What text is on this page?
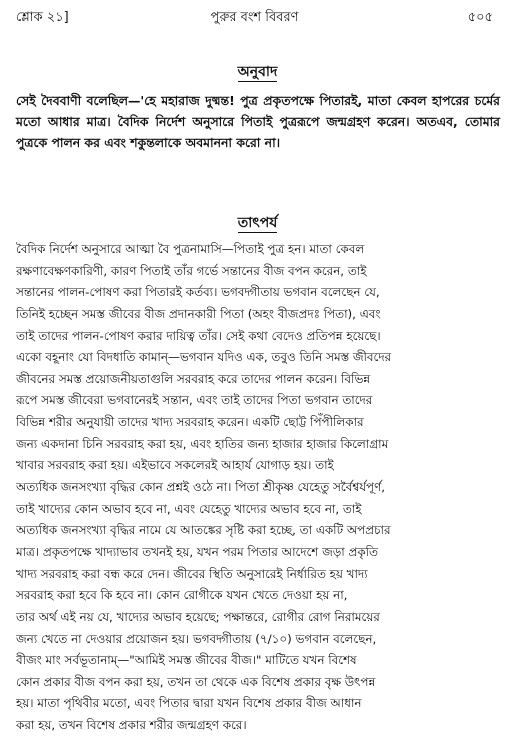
শ্লোক ২১]	পুরুর বংশ বিবরণ	৫০৫
অনুবাদ
সেই দৈববাণী বলেছিল—'হে মহারাজ দুষ্মন্ত! পুত্র প্রকৃতপক্ষে পিতারই, মাতা কেবল হাপরের চর্মের মতো আধার মাত্র। বৈদিক নির্দেশ অনুসারে পিতাই পুত্ররূপে জন্মগ্রহণ করেন। অতএব, তোমার পুত্রকে পালন কর এবং শকুন্তলাকে অবমাননা করো না।
তাৎপর্য
বৈদিক নির্দেশ অনুসারে আত্মা বৈ পুত্রনামাসি—পিতাই পুত্র হন। মাতা কেবল
রক্ষণাবেক্ষণকারিণী, কারণ পিতাই তাঁর গর্ভে সন্তানের বীজ বপন করেন, তাই
সন্তানের পালন-পোষণ করা পিতারই কর্তব্য। ভগবদ্গীতায় ভগবান বলেছেন যে,
তিনিই হচ্ছেন সমস্ত জীবের বীজ প্রদানকারী পিতা (অহং বীজপ্রদঃ পিতা), এবং
তাই তাদের পালন-পোষণ করার দায়িত্ব তাঁর। সেই কথা বেদেও প্রতিপন্ন হয়েছে।
একো বহূনাং যো বিদধাতি কামান্—ভগবান যদিও এক, তবুও তিনি সমস্ত জীবদের
জীবনের সমস্ত প্রয়োজনীয়তাগুলি সরবরাহ করে তাদের পালন করেন। বিভিন্ন
রূপে সমস্ত জীবেরা ভগবানেরই সন্তান, এবং তাই তাদের পিতা ভগবান তাদের
বিভিন্ন শরীর অনুযায়ী তাদের খাদ্য সরবরাহ করেন। একটি ছোট্ট পিঁপীলিকার
জন্য একদানা চিনি সরবরাহ করা হয়, এবং হাতির জন্য হাজার হাজার কিলোগ্রাম
খাবার সরবরাহ করা হয়। এইভাবে সকলেরই আহার্য যোগাড় হয়। তাই
অত্যধিক জনসংখ্যা বৃদ্ধির কোন প্রশ্নই ওঠে না। পিতা শ্রীকৃষ্ণ যেহেতু সর্বৈশ্বর্যপূর্ণ,
তাই খাদ্যের কোন অভাব হবে না, এবং যেহেতু খাদ্যের অভাব হবে না, তাই
অত্যধিক জনসংখ্যা বৃদ্ধির নামে যে আতঙ্কের সৃষ্টি করা হচ্ছে, তা একটি অপপ্রচার
মাত্র। প্রকৃতপক্ষে খাদ্যাভাব তখনই হয়, যখন পরম পিতার আদেশে জড়া প্রকৃতি
খাদ্য সরবরাহ করা বন্ধ করে দেন। জীবের স্থিতি অনুসারেই নির্ধারিত হয় খাদ্য
সরবরাহ করা হবে কি হবে না। কোন রোগীকে যখন খেতে দেওয়া হয় না,
তার অর্থ এই নয় যে, খাদ্যের অভাব হয়েছে; পক্ষান্তরে, রোগীর রোগ নিরাময়ের
জন্য খেতে না দেওয়ার প্রয়োজন হয়। ভগবদ্গীতায় (৭/১০) ভগবান বলেছেন,
বীজং মাং সর্বভূতানাম্—"আমিই সমস্ত জীবের বীজ।" মাটিতে যখন বিশেষ
কোন প্রকার বীজ বপন করা হয়, তখন তা থেকে এক বিশেষ প্রকার বৃক্ষ উৎপন্ন
হয়। মাতা পৃথিবীর মতো, এবং পিতার দ্বারা যখন বিশেষ প্রকার বীজ আধান
করা হয়, তখন বিশেষ প্রকার শরীর জন্মগ্রহণ করে।
